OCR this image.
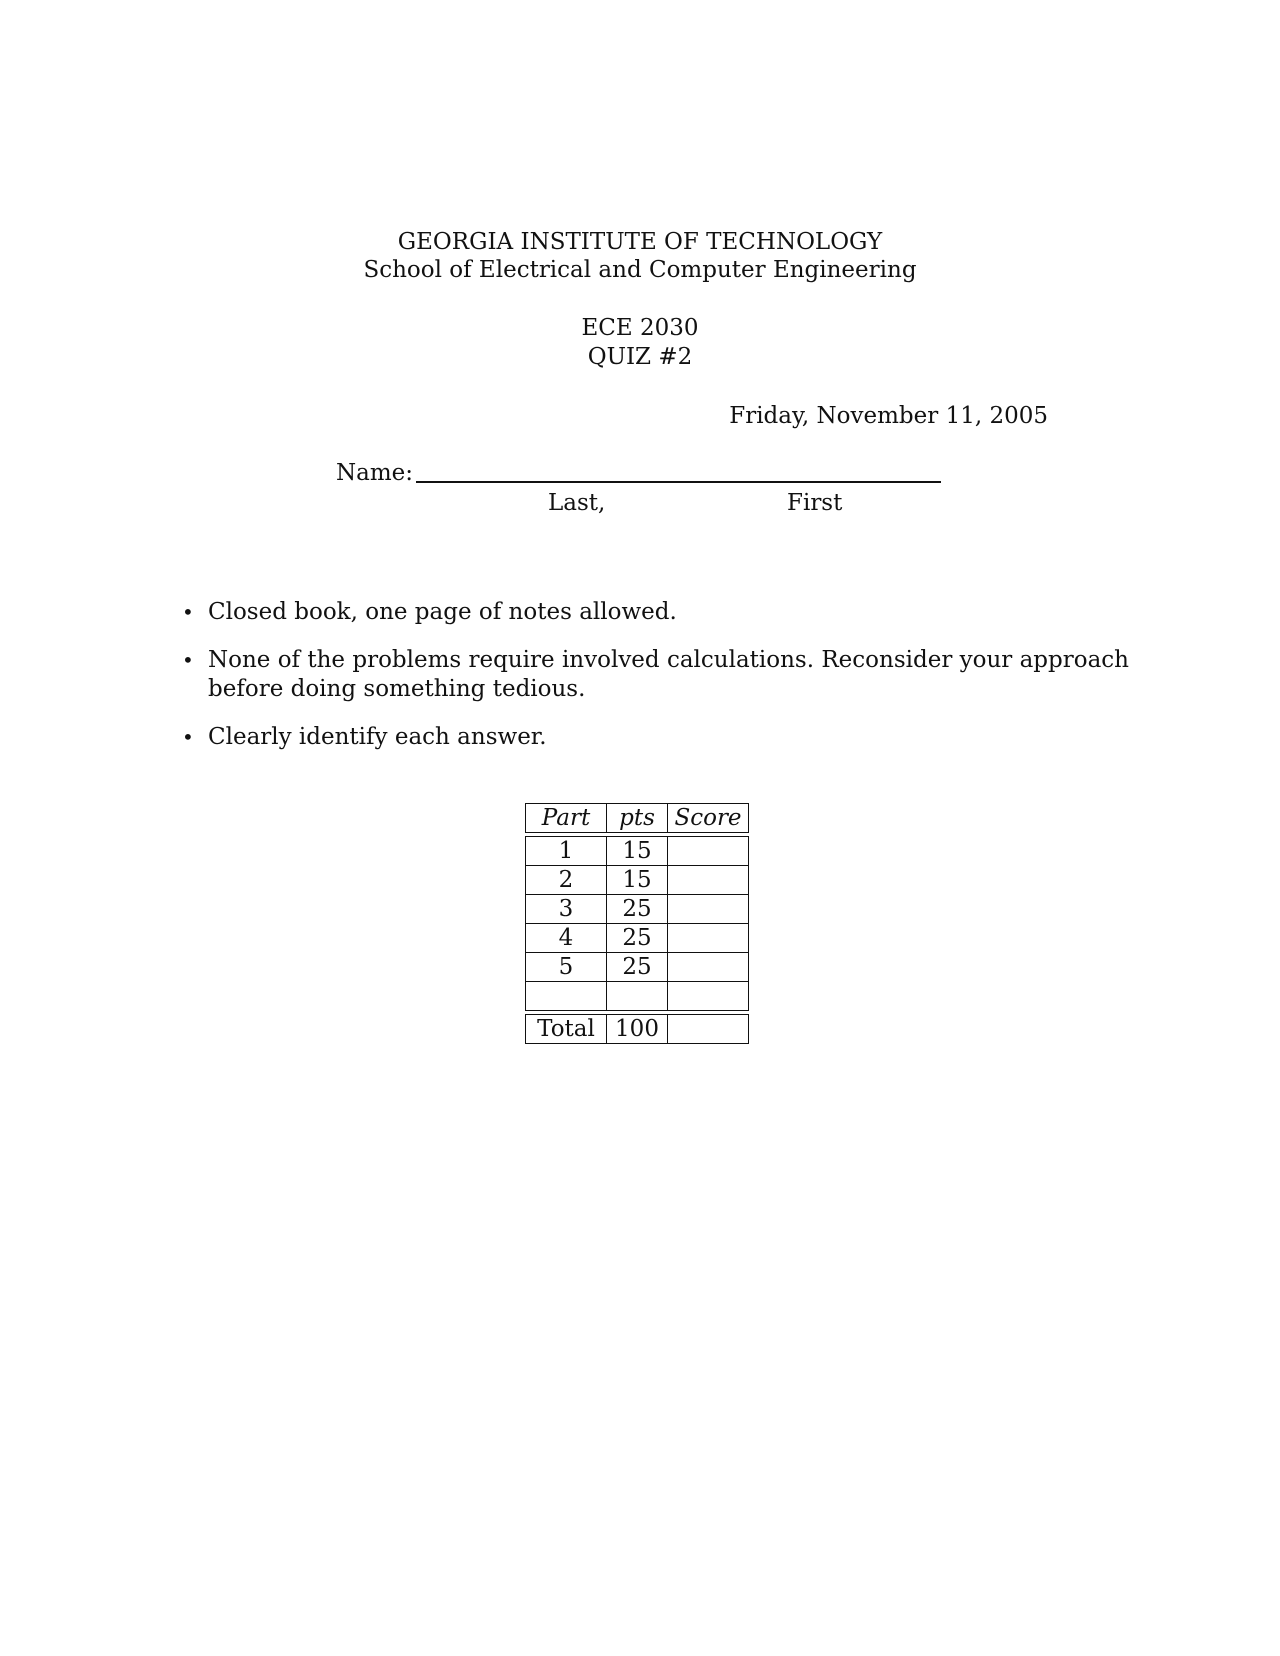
GEORGIA INSTITUTE OF TECHNOLOGY
School of Electrical and Computer Engineering
ECE 2030
QUIZ #2
Friday, November 11, 2005
Name:
Last,	First
• Closed book, one page of notes allowed.
• None of the problems require involved calculations. Reconsider your approach before doing something tedious.
• Clearly identify each answer.
Part	pts	Score

1	15	
2	15	
3	25	
4	25	
5	25	

Total	100	
